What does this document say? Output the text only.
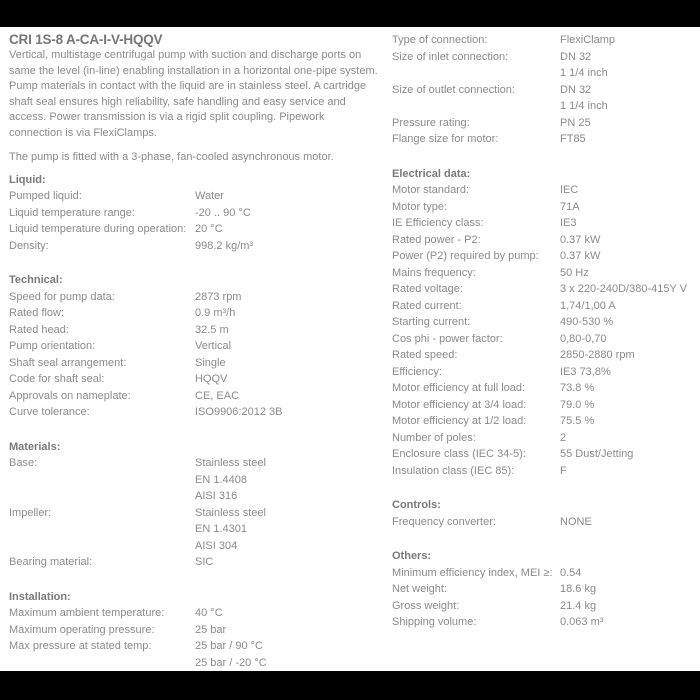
CRI 1S-8 A-CA-I-V-HQQV
Vertical, multistage centrifugal pump with suction and discharge ports on
same the level (in-line) enabling installation in a horizontal one-pipe system.
Pump materials in contact with the liquid are in stainless steel. A cartridge
shaft seal ensures high reliability, safe handling and easy service and
access. Power transmission is via a rigid split coupling. Pipework
connection is via FlexiClamps.
The pump is fitted with a 3-phase, fan-cooled asynchronous motor.
Liquid:
Pumped liquid:	Water
Liquid temperature range:	-20 .. 90 °C
Liquid temperature during operation: 20 °C
Density:	998.2 kg/m³
Technical:
Speed for pump data:	2873 rpm
Rated flow:	0.9 m³/h
Rated head:	32.5 m
Pump orientation:	Vertical
Shaft seal arrangement:	Single
Code for shaft seal:	HQQV
Approvals on nameplate:	CE, EAC
Curve tolerance:	ISO9906:2012 3B
Materials:
Base:	Stainless steel
EN 1.4408
AISI 316
Impeller:	Stainless steel
EN 1.4301
AISI 304
Bearing material:	SIC
Installation:
Maximum ambient temperature:	40 °C
Maximum operating pressure:	25 bar
Max pressure at stated temp:	25 bar / 90 °C
25 bar / -20 °C
Type of connection:	FlexiClamp
Size of inlet connection:	DN 32
1 1/4 inch
Size of outlet connection:	DN 32
1 1/4 inch
Pressure rating:	PN 25
Flange size for motor:	FT85
Electrical data:
Motor standard:	IEC
Motor type:	71A
IE Efficiency class:	IE3
Rated power - P2:	0.37 kW
Power (P2) required by pump:	0.37 kW
Mains frequency:	50 Hz
Rated voltage:	3 x 220-240D/380-415Y V
Rated current:	1,74/1,00 A
Starting current:	490-530 %
Cos phi - power factor:	0,80-0,70
Rated speed:	2850-2880 rpm
Efficiency:	IE3 73,8%
Motor efficiency at full load:	73.8 %
Motor efficiency at 3/4 load:	79.0 %
Motor efficiency at 1/2 load:	75.5 %
Number of poles:	2
Enclosure class (IEC 34-5):	55 Dust/Jetting
Insulation class (IEC 85):	F
Controls:
Frequency converter:	NONE
Others:
Minimum efficiency index, MEI ≥: 0.54
Net weight:	18.6 kg
Gross weight:	21.4 kg
Shipping volume:	0.063 m³
